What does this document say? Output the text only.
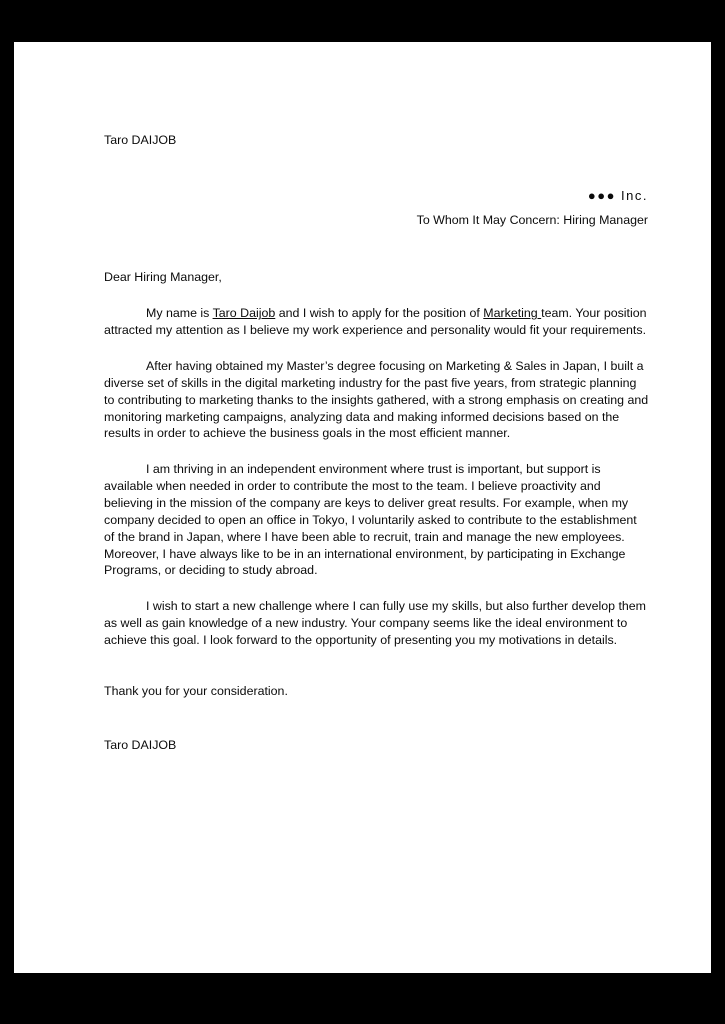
Taro DAIJOB

●●● Inc.

To Whom It May Concern: Hiring Manager

Dear Hiring Manager,

My name is Taro Daijob and I wish to apply for the position of Marketing team. Your position attracted my attention as I believe my work experience and personality would fit your requirements.

After having obtained my Master’s degree focusing on Marketing & Sales in Japan, I built a diverse set of skills in the digital marketing industry for the past five years, from strategic planning to contributing to marketing thanks to the insights gathered, with a strong emphasis on creating and monitoring marketing campaigns, analyzing data and making informed decisions based on the results in order to achieve the business goals in the most efficient manner.

I am thriving in an independent environment where trust is important, but support is available when needed in order to contribute the most to the team. I believe proactivity and believing in the mission of the company are keys to deliver great results. For example, when my company decided to open an office in Tokyo, I voluntarily asked to contribute to the establishment of the brand in Japan, where I have been able to recruit, train and manage the new employees. Moreover, I have always like to be in an international environment, by participating in Exchange Programs, or deciding to study abroad.

I wish to start a new challenge where I can fully use my skills, but also further develop them as well as gain knowledge of a new industry. Your company seems like the ideal environment to achieve this goal. I look forward to the opportunity of presenting you my motivations in details.

Thank you for your consideration.

Taro DAIJOB
